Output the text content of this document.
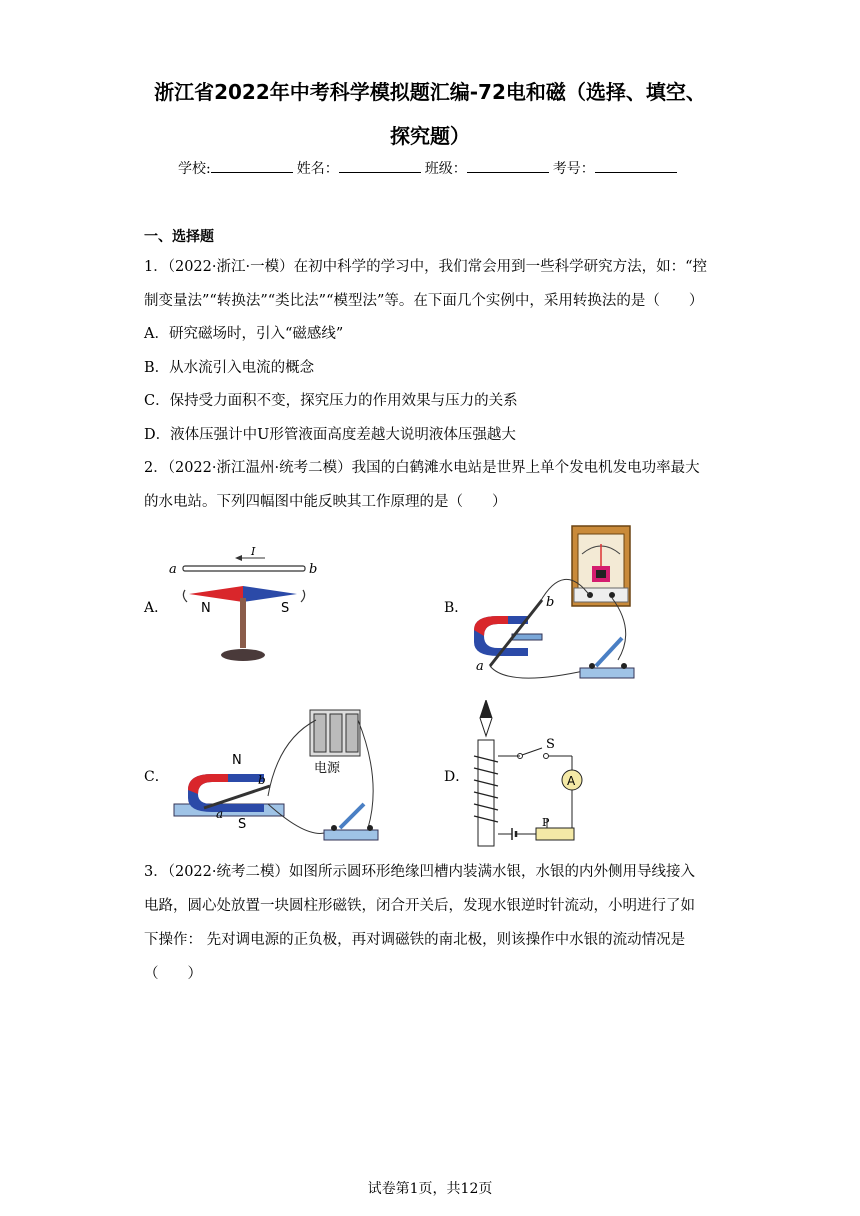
浙江省2022年中考科学模拟题汇编-72电和磁（选择、填空、
探究题）
学校:	姓名：	班级：	考号：
一、选择题
1．（2022·浙江·一模）在初中科学的学习中，我们常会用到一些科学研究方法，如：“控
制变量法”“转换法”“类比法”“模型法”等。在下面几个实例中，采用转换法的是（　　）
A．研究磁场时，引入“磁感线”
B．从水流引入电流的概念
C．保持受力面积不变，探究压力的作用效果与压力的关系
D．液体压强计中U形管液面高度差越大说明液体压强越大
2．（2022·浙江温州·统考二模）我国的白鹤滩水电站是世界上单个发电机发电功率最大
的水电站。下列四幅图中能反映其工作原理的是（　　）
A．	B．
C．	D．
a	b
I
N	S
a
b
电源
N
a
b
S
S
A
P
3．（2022·统考二模）如图所示圆环形绝缘凹槽内装满水银，水银的内外侧用导线接入
电路，圆心处放置一块圆柱形磁铁，闭合开关后，发现水银逆时针流动，小明进行了如
下操作： 先对调电源的正负极，再对调磁铁的南北极，则该操作中水银的流动情况是
（　　）
试卷第1页，共12页
